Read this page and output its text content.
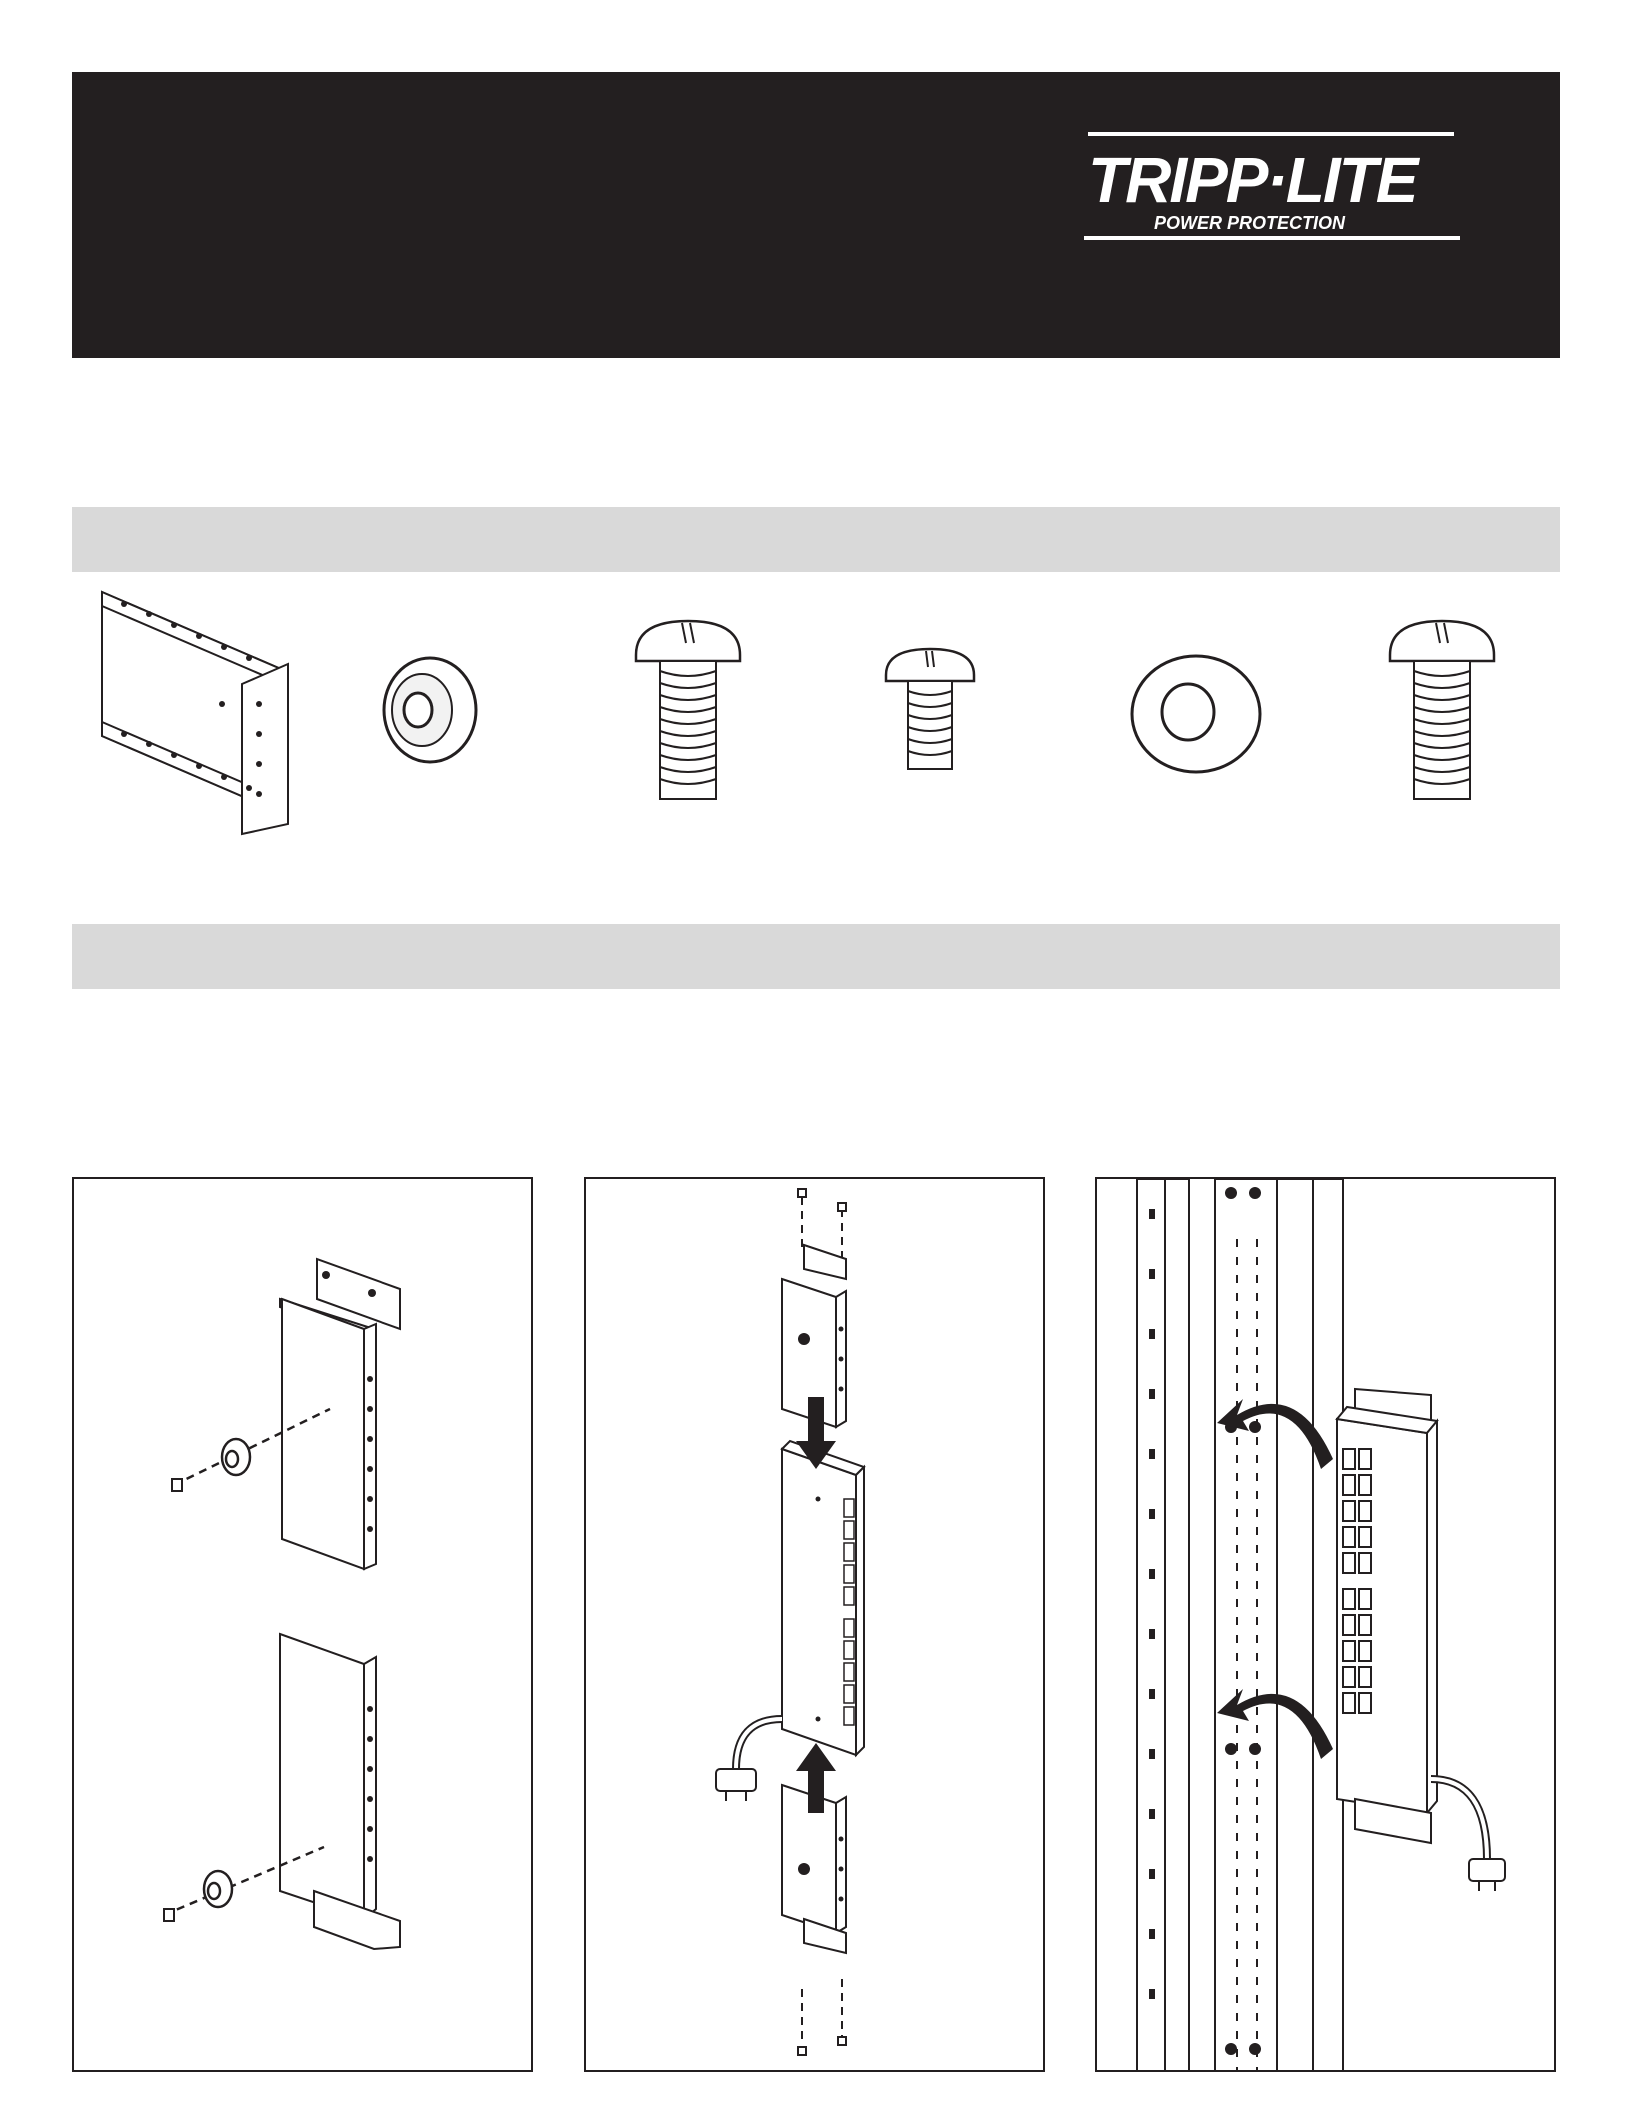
TRIPP·LITE
POWER PROTECTION
